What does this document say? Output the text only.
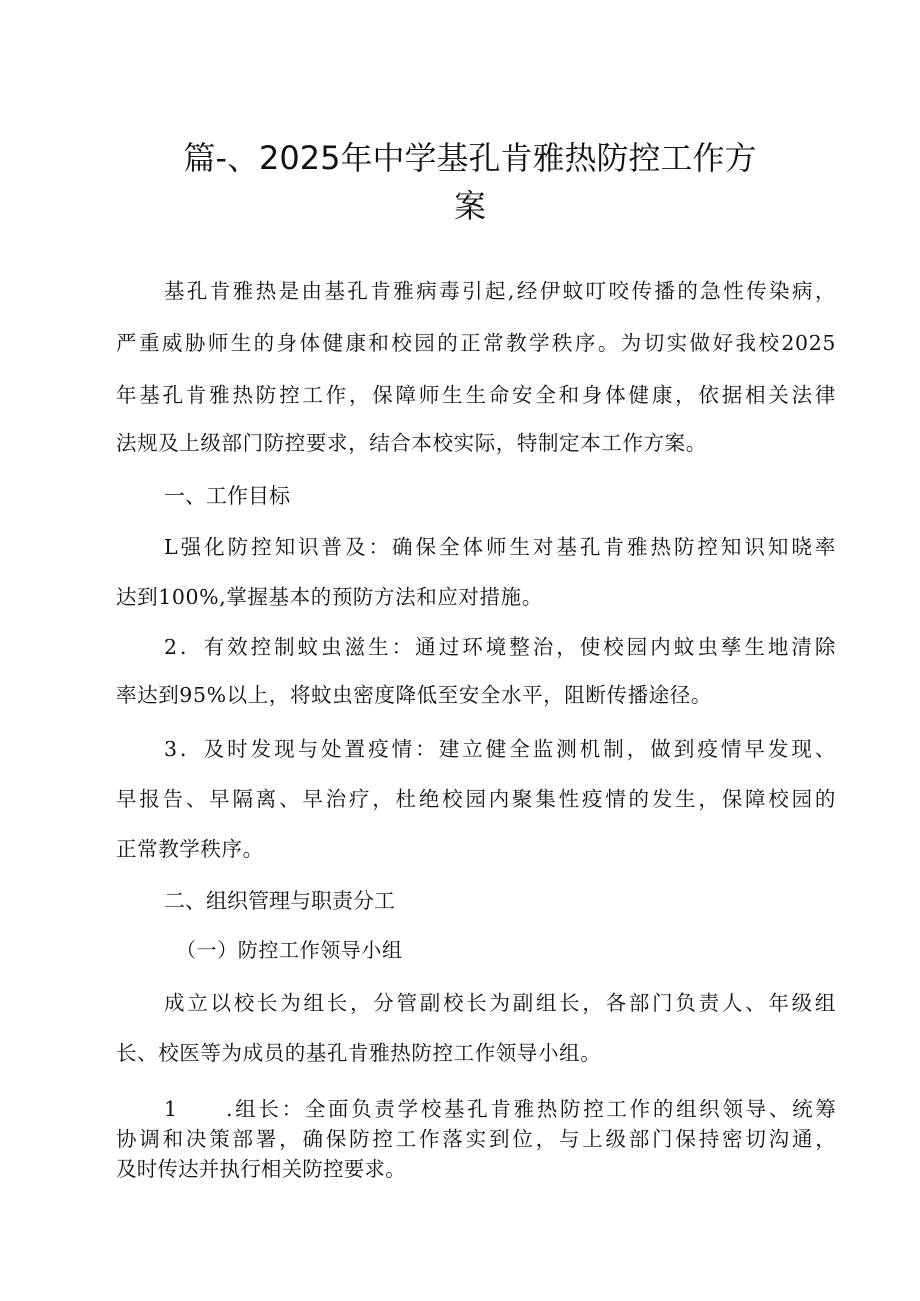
篇-、2025年中学基孔肯雅热防控工作方
案
基孔肯雅热是由基孔肯雅病毒引起,经伊蚊叮咬传播的急性传染病，
严重威胁师生的身体健康和校园的正常教学秩序。为切实做好我校2025
年基孔肯雅热防控工作，保障师生生命安全和身体健康，依据相关法律
法规及上级部门防控要求，结合本校实际，特制定本工作方案。
一、工作目标
L强化防控知识普及：确保全体师生对基孔肯雅热防控知识知晓率
达到100%,掌握基本的预防方法和应对措施。
2．有效控制蚊虫滋生：通过环境整治，使校园内蚊虫孳生地清除
率达到95%以上，将蚊虫密度降低至安全水平，阻断传播途径。
3．及时发现与处置疫情：建立健全监测机制，做到疫情早发现、
早报告、早隔离、早治疗，杜绝校园内聚集性疫情的发生，保障校园的
正常教学秩序。
二、组织管理与职责分工
（一）防控工作领导小组
成立以校长为组长，分管副校长为副组长，各部门负责人、年级组
长、校医等为成员的基孔肯雅热防控工作领导小组。
1 .组长：全面负责学校基孔肯雅热防控工作的组织领导、统筹
协调和决策部署，确保防控工作落实到位，与上级部门保持密切沟通，
及时传达并执行相关防控要求。
